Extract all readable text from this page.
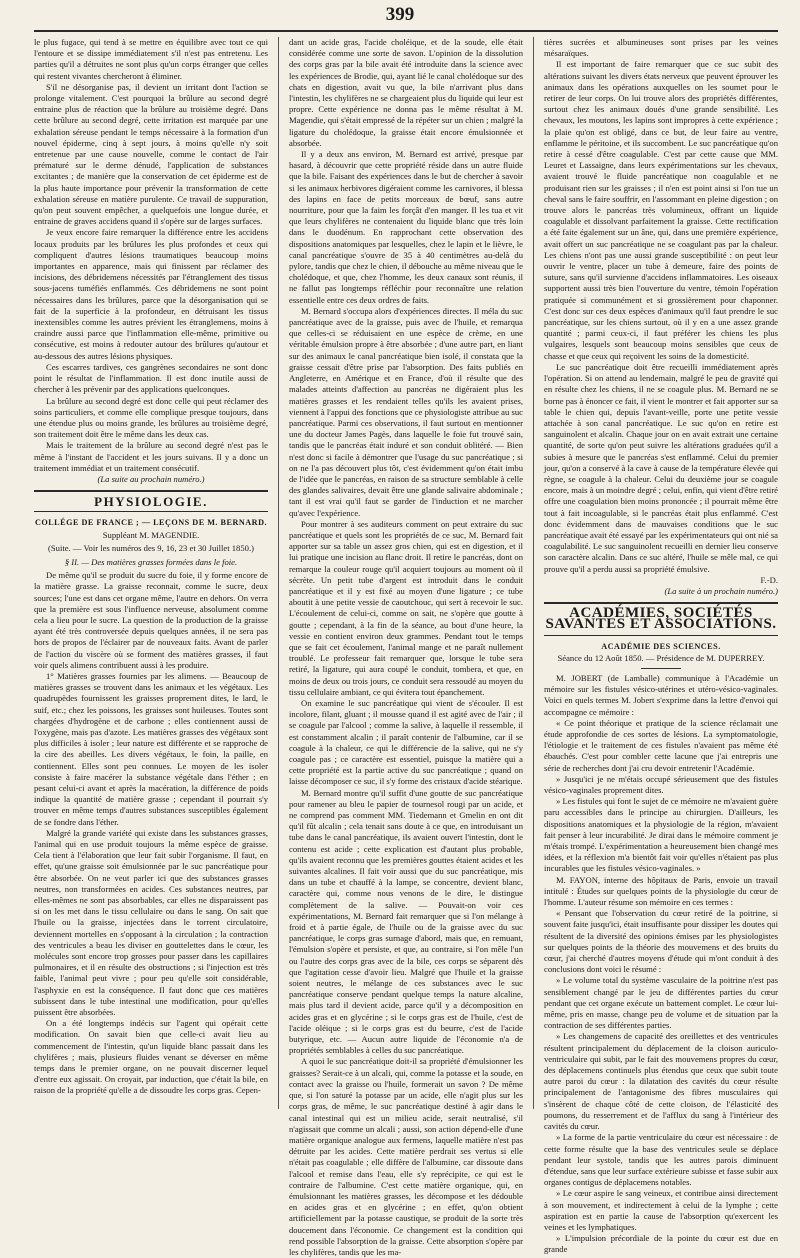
399

le plus fugace, qui tend à se mettre en équilibre avec tout ce qui l'entoure et se dissipe immédiatement s'il n'est pas entretenu. Les parties qu'il a détruites ne sont plus qu'un corps étranger que celles qui restent vivantes chercheront à éliminer.

S'il ne désorganise pas, il devient un irritant dont l'action se prolonge vitalement. C'est pourquoi la brûlure au second degré entraine plus de réaction que la brûlure au troisième degré. Dans cette brûlure au second degré, cette irritation est marquée par une exhalation séreuse pendant le temps nécessaire à la formation d'un nouvel épiderme, cinq à sept jours, à moins qu'elle n'y soit entretenue par une cause nouvelle, comme le contact de l'air prématuré sur le derme dénudé, l'application de substances excitantes ; de manière que la conservation de cet épiderme est de la plus haute importance pour prévenir la transformation de cette exhalation séreuse en matière purulente. Ce travail de suppuration, qu'on peut souvent empêcher, a quelquefois une longue durée, et entraine de graves accidens quand il s'opère sur de larges surfaces.

Je veux encore faire remarquer la différence entre les accidens locaux produits par les brûlures les plus profondes et ceux qui compliquent d'autres lésions traumatiques beaucoup moins importantes en apparence, mais qui finissent par réclamer des incisions, des débridemens nécessités par l'étranglement des tissus sous-jacens tuméfiés enflammés. Ces débridemens ne sont point nécessaires dans les brûlures, parce que la désorganisation qui se fait de la superficie à la profondeur, en détruisant les tissus inextensibles comme les autres prévient les étranglemens, moins à craindre aussi parce que l'inflammation elle-même, primitive ou consécutive, est moins à redouter autour des brûlures qu'autour et au-dessous des autres lésions physiques.

Ces escarres tardives, ces gangrènes secondaires ne sont donc point le résultat de l'inflammation. Il est donc inutile aussi de chercher à les prévenir par des applications quelconques.

La brûlure au second degré est donc celle qui peut réclamer des soins particuliers, et comme elle complique presque toujours, dans une étendue plus ou moins grande, les brûlures au troisième degré, son traitement doit être le même dans les deux cas.

Mais le traitement de la brûlure au second degré n'est pas le même à l'instant de l'accident et les jours suivans. Il y a donc un traitement immédiat et un traitement consécutif.

(La suite au prochain numéro.)

PHYSIOLOGIE.
COLLÉGE DE FRANCE ; — LEÇONS DE M. BERNARD.
Suppléant M. MAGENDIE.
(Suite. — Voir les numéros des 9, 16, 23 et 30 Juillet 1850.)
§ II. — Des matières grasses formées dans le foie.

De même qu'il se produit du sucre du foie, il y forme encore de la matière grasse. La graisse reconnait, comme le sucre, deux sources; l'une est dans cet organe même, l'autre en dehors. On verra que la première est sous l'influence nerveuse, absolument comme cela a lieu pour le sucre. La question de la production de la graisse ayant été très controversée depuis quelques années, il ne sera pas hors de propos de l'éclairer par de nouveaux faits. Avant de parler de l'action du viscère où se forment des matières grasses, il faut voir quels alimens contribuent aussi à les produire.

1° Matières grasses fournies par les alimens. — Beaucoup de matières grasses se trouvent dans les animaux et les végétaux. Les quadrupèdes fournissent les graisses proprement dites, le lard, le suif, etc.; chez les poissons, les graisses sont huileuses. Toutes sont chargées d'hydrogène et de carbone ; elles contiennent aussi de l'oxygène, mais pas d'azote. Les matières grasses des végétaux sont plus difficiles à isoler ; leur nature est différente et se rapproche de la cire des abeilles. Les divers végétaux, le foin, la paille, en contiennent. Elles sont peu connues. Le moyen de les isoler consiste à faire macérer la substance végétale dans l'éther ; en pesant celui-ci avant et après la macération, la différence de poids indique la quantité de matière grasse ; cependant il pourrait s'y trouver en même temps d'autres substances susceptibles également de se fondre dans l'éther.

Malgré la grande variété qui existe dans les substances grasses, l'animal qui en use produit toujours la même espèce de graisse. Cela tient à l'élaboration que leur fait subir l'organisme. Il faut, en effet, qu'une graisse soit émulsionnée par le suc pancréatique pour être absorbée. On ne veut parler ici que des substances grasses neutres, non transformées en acides. Ces substances neutres, par elles-mêmes ne sont pas absorbables, car elles ne disparaissent pas si on les met dans le tissu cellulaire ou dans le sang. On sait que l'huile ou la graisse, injectées dans le torrent circulatoire, deviennent mortelles en s'opposant à la circulation ; la contraction des ventricules a beau les diviser en gouttelettes dans le cœur, les molécules sont encore trop grosses pour passer dans les capillaires pulmonaires, et il en résulte des obstructions ; si l'injection est très faible, l'animal peut vivre ; pour peu qu'elle soit considérable, l'asphyxie en est la conséquence. Il faut donc que ces matières subissent dans le tube intestinal une modification, pour qu'elles puissent être absorbées.

On a été longtemps indécis sur l'agent qui opérait cette modification. On savait bien que celle-ci avait lieu au commencement de l'intestin, qu'un liquide blanc passait dans les chylifères ; mais, plusieurs fluides venant se déverser en même temps dans le premier organe, on ne pouvait discerner lequel d'entre eux agissait. On croyait, par induction, que c'était la bile, en raison de la propriété qu'elle a de dissoudre les corps gras. Cepen-

dant un acide gras, l'acide choléique, et de la soude, elle était considérée comme une sorte de savon. L'opinion de la dissolution des corps gras par la bile avait été introduite dans la science avec les expériences de Brodie, qui, ayant lié le canal cholédoque sur des chats en digestion, avait vu que, la bile n'arrivant plus dans l'intestin, les chylifères ne se chargeaient plus du liquide qui leur est propre. Cette expérience ne donna pas le même résultat à M. Magendie, qui s'était empressé de la répéter sur un chien ; malgré la ligature du cholédoque, la graisse était encore émulsionnée et absorbée.

Il y a deux ans environ, M. Bernard est arrivé, presque par hasard, à découvrir que cette propriété réside dans un autre fluide que la bile. Faisant des expériences dans le but de chercher à savoir si les animaux herbivores digéraient comme les carnivores, il blessa des lapins en face de petits morceaux de bœuf, sans autre nourriture, pour que la faim les forçât d'en manger. Il les tua et vit que leurs chylifères ne contenaient du liquide blanc que très loin dans le duodénum. En rapprochant cette observation des dispositions anatomiques par lesquelles, chez le lapin et le lièvre, le canal pancréatique s'ouvre de 35 à 40 centimètres au-delà du pylore, tandis que chez le chien, il débouche au même niveau que le cholédoque, et que, chez l'homme, les deux canaux sont réunis, il ne fallut pas longtemps réfléchir pour reconnaître une relation essentielle entre ces deux ordres de faits.

M. Bernard s'occupa alors d'expériences directes. Il méla du suc pancréatique avec de la graisse, puis avec de l'huile, et remarqua que celles-ci se réduisaient en une espèce de crème, en une véritable émulsion propre à être absorbée ; d'une autre part, en liant sur des animaux le canal pancréatique bien isolé, il constata que la graisse cessait d'être prise par l'absorption. Des faits publiés en Angleterre, en Amérique et en France, d'où il résulte que des malades atteints d'affection au pancréas ne digéraient plus les matières grasses et les rendaient telles qu'ils les avaient prises, viennent à l'appui des fonctions que ce physiologiste attribue au suc pancréatique. Parmi ces observations, il faut surtout en mentionner une du docteur James Pagès, dans laquelle le foie fut trouvé sain, tandis que le pancréas était induré et son conduit oblitéré. — Bien n'est donc si facile à démontrer que l'usage du suc pancréatique ; si on ne l'a pas découvert plus tôt, c'est évidemment qu'on était imbu de l'idée que le pancréas, en raison de sa structure semblable à celle des glandes salivaires, devait être une glande salivaire abdominale ; tant il est vrai qu'il faut se garder de l'induction et ne marcher qu'avec l'expérience.

Pour montrer à ses auditeurs comment on peut extraire du suc pancréatique et quels sont les propriétés de ce suc, M. Bernard fait apporter sur sa table un assez gros chien, qui est en digestion, et il lui pratique une incision au flanc droit. Il retire le pancréas, dont on remarque la couleur rouge qu'il acquiert toujours au moment où il sécrète. Un petit tube d'argent est introduit dans le conduit pancréatique et il y est fixé au moyen d'une ligature ; ce tube aboutit à une petite vessie de caoutchouc, qui sert à recevoir le suc. L'écoulement de celui-ci, comme on sait, ne s'opère que goutte à goutte ; cependant, à la fin de la séance, au bout d'une heure, la vessie en contient environ deux grammes. Pendant tout le temps que se fait cet écoulement, l'animal mange et ne paraît nullement troublé. Le professeur fait remarquer que, lorsque le tube sera retiré, la ligature, qui aura coupé le conduit, tombera, et que, en moins de deux ou trois jours, ce conduit sera ressoudé au moyen du tissu cellulaire ambiant, ce qui évitera tout épanchement.

On examine le suc pancréatique qui vient de s'écouler. Il est incolore, filant, gluant ; il mousse quand il est agité avec de l'air ; il se coagule par l'alcool ; comme la salive, à laquelle il ressemble, il est constamment alcalin ; il paraît contenir de l'albumine, car il se coagule à la chaleur, ce qui le différencie de la salive, qui ne s'y coagule pas ; ce caractère est essentiel, puisque la matière qui a cette propriété est la partie active du suc pancréatique ; quand on laisse décomposer ce suc, il s'y forme des cristaux d'acide stéarique.

M. Bernard montre qu'il suffit d'une goutte de suc pancréatique pour ramener au bleu le papier de tournesol rougi par un acide, et ne comprend pas comment MM. Tiedemann et Gmelin en ont dit qu'il fût alcalin ; cela tenait sans doute à ce que, en introduisant un tube dans le canal pancréatique, ils avaient ouvert l'intestin, dont le contenu est acide ; cette explication est d'autant plus probable, qu'ils avaient reconnu que les premières gouttes étaient acides et les suivantes alcalines. Il fait voir aussi que du suc pancréatique, mis dans un tube et chauffé à la lampe, se concentre, devient blanc, caractère qui, comme nous venons de le dire, le distingue complètement de la salive. — Pouvait-on voir ces expérimentations, M. Bernard fait remarquer que si l'on mélange à froid et à partie égale, de l'huile ou de la graisse avec du suc pancréatique, le corps gras surnage d'abord, mais que, en remuant, l'émulsion s'opère et persiste, et que, au contraire, si l'on mêle l'un ou l'autre des corps gras avec de la bile, ces corps se séparent dès que l'agitation cesse d'avoir lieu. Malgré que l'huile et la graisse soient neutres, le mélange de ces substances avec le suc pancréatique conserve pendant quelque temps la nature alcaline, mais plus tard il devient acide, parce qu'il y a décomposition en acides gras et en glycérine ; si le corps gras est de l'huile, c'est de l'acide oléique ; si le corps gras est du beurre, c'est de l'acide butyrique, etc. — Aucun autre liquide de l'économie n'a de propriétés semblables à celles du suc pancréatique.

A quoi le suc pancréatique doit-il sa propriété d'émulsionner les graisses? Serait-ce à un alcali, qui, comme la potasse et la soude, en contact avec la graisse ou l'huile, formerait un savon ? De même que, si l'on saturé la potasse par un acide, elle n'agit plus sur les corps gras, de même, le suc pancréatique destiné à agir dans le canal intestinal qui est un milieu acide, serait neutralisé, s'il n'agissait que comme un alcali ; aussi, son action dépend-elle d'une matière organique analogue aux fermens, laquelle matière n'est pas détruite par les acides. Cette matière perdrait ses vertus si elle n'était pas coagulable ; elle diffère de l'albumine, car dissoute dans l'alcool et remise dans l'eau, elle s'y reprécipite, ce qui est le contraire de l'albumine. C'est cette matière organique, qui, en émulsionnant les matières grasses, les décompose et les dédouble en acides gras et en glycérine ; en effet, qu'on obtient artificiellement par la potasse caustique, se produit de la sorte très doucement dans l'économie. Ce changement est la condition qui rend possible l'absorption de la graisse. Cette absorption s'opère par les chylifères, tandis que les ma-

tières sucrées et albumineuses sont prises par les veines mésaraïques.

Il est important de faire remarquer que ce suc subit des altérations suivant les divers états nerveux que peuvent éprouver les animaux dans les opérations auxquelles on les soumet pour le retirer de leur corps. On lui trouve alors des propriétés différentes, surtout chez les animaux doués d'une grande sensibilité. Les chevaux, les moutons, les lapins sont impropres à cette expérience ; la plaie qu'on est obligé, dans ce but, de leur faire au ventre, enflamme le péritoine, et ils succombent. Le suc pancréatique qu'on retire à cessé d'être coagulable. C'est par cette cause que MM. Leuret et Lassaigne, dans leurs expérimentations sur les chevaux, avaient trouvé le fluide pancréatique non coagulable et ne produisant rien sur les graisses ; il n'en est point ainsi si l'on tue un cheval sans le faire souffrir, en l'assommant en pleine digestion ; on trouve alors le pancréas très volumineux, offrant un liquide coagulable et dissolvant parfaitement la graisse. Cette rectification a été faite également sur un âne, qui, dans une première expérience, avait offert un suc pancréatique ne se coagulant pas par la chaleur. Les chiens n'ont pas une aussi grande susceptibilité : on peut leur ouvrir le ventre, placer un tube à demeure, faire des points de suture, sans qu'il survienne d'accidens inflammatoires. Les oiseaux supportent aussi très bien l'ouverture du ventre, témoin l'opération pratiquée si communément et si grossièrement pour chaponner. C'est donc sur ces deux espèces d'animaux qu'il faut prendre le suc pancréatique, sur les chiens surtout, où il y en a une assez grande quantité ; parmi ceux-ci, il faut préférer les chiens les plus vulgaires, lesquels sont beaucoup moins sensibles que ceux de chasse et que ceux qui reçoivent les soins de la domesticité.

Le suc pancréatique doit être recueilli immédiatement après l'opération. Si on attend au lendemain, malgré le peu de gravité qui en résulte chez les chiens, il ne se coagule plus. M. Bernard ne se borne pas à énoncer ce fait, il vient le montrer et fait apporter sur sa table le chien qui, depuis l'avant-veille, porte une petite vessie attachée à son canal pancréatique. Le suc qu'on en retire est sanguinolent et alcalin. Chaque jour on en avait extrait une certaine quantité, de sorte qu'on peut suivre les altérations graduées qu'il a subies à mesure que le pancréas s'est enflammé. Celui du premier jour, qu'on a conservé à la cave à cause de la température élevée qui règne, se coagule à la chaleur. Celui du deuxième jour se coagule encore, mais à un moindre degré ; celui, enfin, qui vient d'être retiré offre une coagulation bien moins prononcée ; il pourrait même être tout à fait incoagulable, si le pancréas était plus enflammé. C'est donc évidemment dans de mauvaises conditions que le suc pancréatique avait été essayé par les expérimentateurs qui ont nié sa coagulabilité. Le suc sanguinolent recueilli en dernier lieu conserve son caractère alcalin. Dans ce suc altéré, l'huile se mêle mal, ce qui prouve qu'il a perdu aussi sa propriété émulsive.

F.-D.

(La suite à un prochain numéro.)

ACADÉMIES, SOCIÉTÉS SAVANTES ET ASSOCIATIONS.
ACADÉMIE DES SCIENCES.
Séance du 12 Août 1850. — Présidence de M. DUPERREY.

M. JOBERT (de Lamballe) communique à l'Académie un mémoire sur les fistules vésico-utérines et utéro-vésico-vaginales. Voici en quels termes M. Jobert s'exprime dans la lettre d'envoi qui accompagne ce mémoire :

« Ce point théorique et pratique de la science réclamait une étude approfondie de ces sortes de lésions. La symptomatologie, l'étiologie et le traitement de ces fistules n'avaient pas même été ébauchés. C'est pour combler cette lacune que j'ai entrepris une série de recherches dont j'ai cru devoir entretenir l'Académie.

» Jusqu'ici je ne m'étais occupé sérieusement que des fistules vésico-vaginales proprement dites.

» Les fistules qui font le sujet de ce mémoire ne m'avaient guère paru accessibles dans le principe au chirurgien. D'ailleurs, les dispositions anatomiques et la physiologie de la région, m'avaient fait penser à leur incurabilité. Je dirai dans le mémoire comment je m'étais trompé. L'expérimentation a heureusement bien changé mes idées, et la réflexion m'a bientôt fait voir qu'elles n'étaient pas plus incurables que les fistules vésico-vaginales. »

M. FAYON, interne des hôpitaux de Paris, envoie un travail intitulé : Études sur quelques points de la physiologie du cœur de l'homme. L'auteur résume son mémoire en ces termes :

« Pensant que l'observation du cœur retiré de la poitrine, si souvent faite jusqu'ici, était insuffisante pour dissiper les doutes qui résultent de la diversité des opinions émises par les physiologistes sur quelques points de la théorie des mouvemens et des bruits du cœur, j'ai cherché d'autres moyens d'étude qui m'ont conduit à des conclusions dont voici le résumé :

» Le volume total du système vasculaire de la poitrine n'est pas sensiblement changé par le jeu de différentes parties du cœur pendant que cet organe exécute un battement complet. Le cœur lui-même, pris en masse, change peu de volume et de situation par la contraction de ses différentes parties.

» Les changemens de capacité des oreillettes et des ventricules résultent principalement du déplacement de la cloison auriculo-ventriculaire qui subit, par le fait des mouvemens propres du cœur, des déplacemens continuels plus étendus que ceux que subit toute autre paroi du cœur : la dilatation des cavités du cœur résulte principalement de l'antagonisme des fibres musculaires qui s'insèrent de chaque côté de cette cloison, de l'élasticité des poumons, du resserrement et de l'afflux du sang à l'intérieur des cavités du cœur.

» La forme de la partie ventriculaire du cœur est nécessaire : de cette forme résulte que la base des ventricules seule se déplace pendant leur systole, tandis que les autres parois diminuent d'étendue, sans que leur surface extérieure subisse et fasse subir aux organes contigus de déplacemens notables.

» Le cœur aspire le sang veineux, et contribue ainsi directement à son mouvement, et indirectement à celui de la lymphe ; cette aspiration est en partie la cause de l'absorption qu'exercent les veines et les lymphatiques.

» L'impulsion précordiale de la pointe du cœur est due en grande
